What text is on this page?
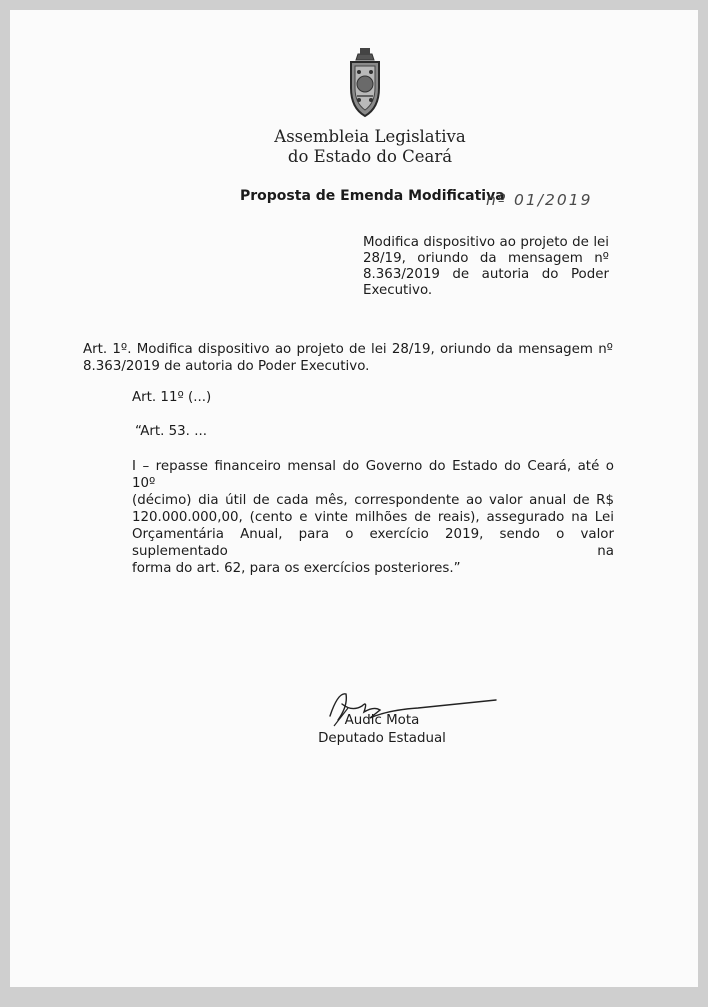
Assembleia Legislativa
do Estado do Ceará
Proposta de Emenda Modificativa
nº 01/2019
Modifica dispositivo ao projeto de lei
28/19, oriundo da mensagem nº
8.363/2019 de autoria do Poder
Executivo.
Art. 1º. Modifica dispositivo ao projeto de lei 28/19, oriundo da mensagem nº
8.363/2019 de autoria do Poder Executivo.
Art. 11º (...)
“Art. 53. ...
I – repasse financeiro mensal do Governo do Estado do Ceará, até o 10º
(décimo) dia útil de cada mês, correspondente ao valor anual de R$
120.000.000,00, (cento e vinte milhões de reais), assegurado na Lei
Orçamentária Anual, para o exercício 2019, sendo o valor suplementado na
forma do art. 62, para os exercícios posteriores.”
Audic Mota
Deputado Estadual
